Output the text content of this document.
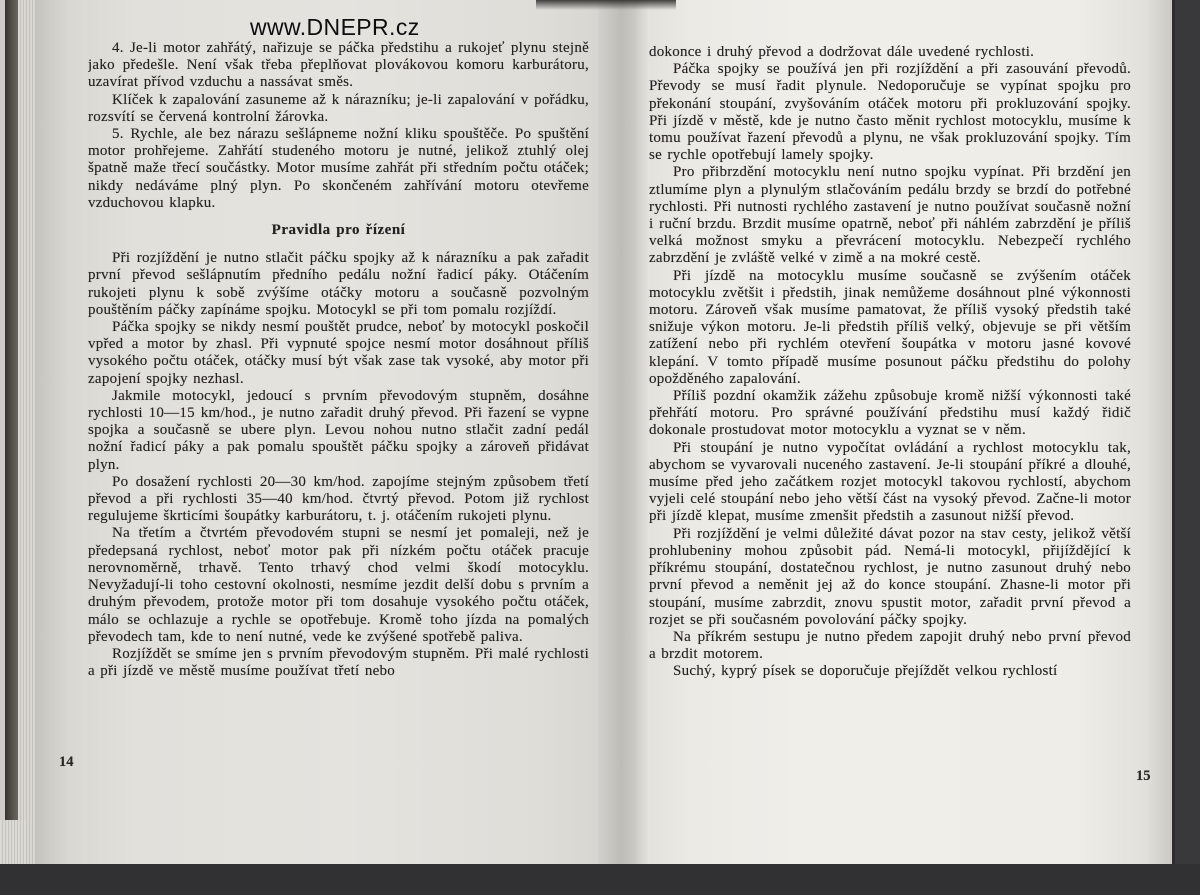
4. Je-li motor zahřátý, nařizuje se páčka předstihu a rukojeť plynu stejně jako předešle. Není však třeba přeplňovat plovákovou komoru karburátoru, uzavírat přívod vzduchu a nassávat směs.

Klíček k zapalování zasuneme až k nárazníku; je-li zapalování v pořádku, rozsvítí se červená kontrolní žárovka.

5. Rychle, ale bez nárazu sešlápneme nožní kliku spouštěče. Po spuštění motor prohřejeme. Zahřátí studeného motoru je nutné, jelikož ztuhlý olej špatně maže třecí součástky. Motor musíme zahřát při středním počtu otáček; nikdy nedáváme plný plyn. Po skončeném zahřívání motoru otevřeme vzduchovou klapku.

Pravidla pro řízení

Při rozjíždění je nutno stlačit páčku spojky až k nárazníku a pak zařadit první převod sešlápnutím předního pedálu nožní řadicí páky. Otáčením rukojeti plynu k sobě zvýšíme otáčky motoru a současně pozvolným pouštěním páčky zapínáme spojku. Motocykl se při tom pomalu rozjíždí.

Páčka spojky se nikdy nesmí pouštět prudce, neboť by motocykl poskočil vpřed a motor by zhasl. Při vypnuté spojce nesmí motor dosáhnout příliš vysokého počtu otáček, otáčky musí být však zase tak vysoké, aby motor při zapojení spojky nezhasl.

Jakmile motocykl, jedoucí s prvním převodovým stupněm, dosáhne rychlosti 10—15 km/hod., je nutno zařadit druhý převod. Při řazení se vypne spojka a současně se ubere plyn. Levou nohou nutno stlačit zadní pedál nožní řadicí páky a pak pomalu spouštět páčku spojky a zároveň přidávat plyn.

Po dosažení rychlosti 20—30 km/hod. zapojíme stejným způsobem třetí převod a při rychlosti 35—40 km/hod. čtvrtý převod. Potom již rychlost regulujeme škrticími šoupátky karburátoru, t. j. otáčením rukojeti plynu.

Na třetím a čtvrtém převodovém stupni se nesmí jet pomaleji, než je předepsaná rychlost, neboť motor pak při nízkém počtu otáček pracuje nerovnoměrně, trhavě. Tento trhavý chod velmi škodí motocyklu. Nevyžadují-li toho cestovní okolnosti, nesmíme jezdit delší dobu s prvním a druhým převodem, protože motor při tom dosahuje vysokého počtu otáček, málo se ochlazuje a rychle se opotřebuje. Kromě toho jízda na pomalých převodech tam, kde to není nutné, vede ke zvýšené spotřebě paliva.

Rozjíždět se smíme jen s prvním převodovým stupněm. Při malé rychlosti a při jízdě ve městě musíme používat třetí nebo

dokonce i druhý převod a dodržovat dále uvedené rychlosti.

Páčka spojky se používá jen při rozjíždění a při zasouvání převodů. Převody se musí řadit plynule. Nedoporučuje se vypínat spojku pro překonání stoupání, zvyšováním otáček motoru při prokluzování spojky. Při jízdě v městě, kde je nutno často měnit rychlost motocyklu, musíme k tomu používat řazení převodů a plynu, ne však prokluzování spojky. Tím se rychle opotřebují lamely spojky.

Pro přibrzdění motocyklu není nutno spojku vypínat. Při brzdění jen ztlumíme plyn a plynulým stlačováním pedálu brzdy se brzdí do potřebné rychlosti. Při nutnosti rychlého zastavení je nutno používat současně nožní i ruční brzdu. Brzdit musíme opatrně, neboť při náhlém zabrzdění je příliš velká možnost smyku a převrácení motocyklu. Nebezpečí rychlého zabrzdění je zvláště velké v zimě a na mokré cestě.

Při jízdě na motocyklu musíme současně se zvýšením otáček motocyklu zvětšit i předstih, jinak nemůžeme dosáhnout plné výkonnosti motoru. Zároveň však musíme pamatovat, že příliš vysoký předstih také snižuje výkon motoru. Je-li předstih příliš velký, objevuje se při větším zatížení nebo při rychlém otevření šoupátka v motoru jasné kovové klepání. V tomto případě musíme posunout páčku předstihu do polohy opožděného zapalování.

Příliš pozdní okamžik zážehu způsobuje kromě nižší výkonnosti také přehřátí motoru. Pro správné používání předstihu musí každý řidič dokonale prostudovat motor motocyklu a vyznat se v něm.

Při stoupání je nutno vypočítat ovládání a rychlost motocyklu tak, abychom se vyvarovali nuceného zastavení. Je-li stoupání příkré a dlouhé, musíme před jeho začátkem rozjet motocykl takovou rychlostí, abychom vyjeli celé stoupání nebo jeho větší část na vysoký převod. Začne-li motor při jízdě klepat, musíme zmenšit předstih a zasunout nižší převod.

Při rozjíždění je velmi důležité dávat pozor na stav cesty, jelikož větší prohlubeniny mohou způsobit pád. Nemá-li motocykl, přijíždějící k příkrému stoupání, dostatečnou rychlost, je nutno zasunout druhý nebo první převod a neměnit jej až do konce stoupání. Zhasne-li motor při stoupání, musíme zabrzdit, znovu spustit motor, zařadit první převod a rozjet se při současném povolování páčky spojky.

Na příkrém sestupu je nutno předem zapojit druhý nebo první převod a brzdit motorem.

Suchý, kyprý písek se doporučuje přejíždět velkou rychlostí

14
15
www.DNEPR.cz
